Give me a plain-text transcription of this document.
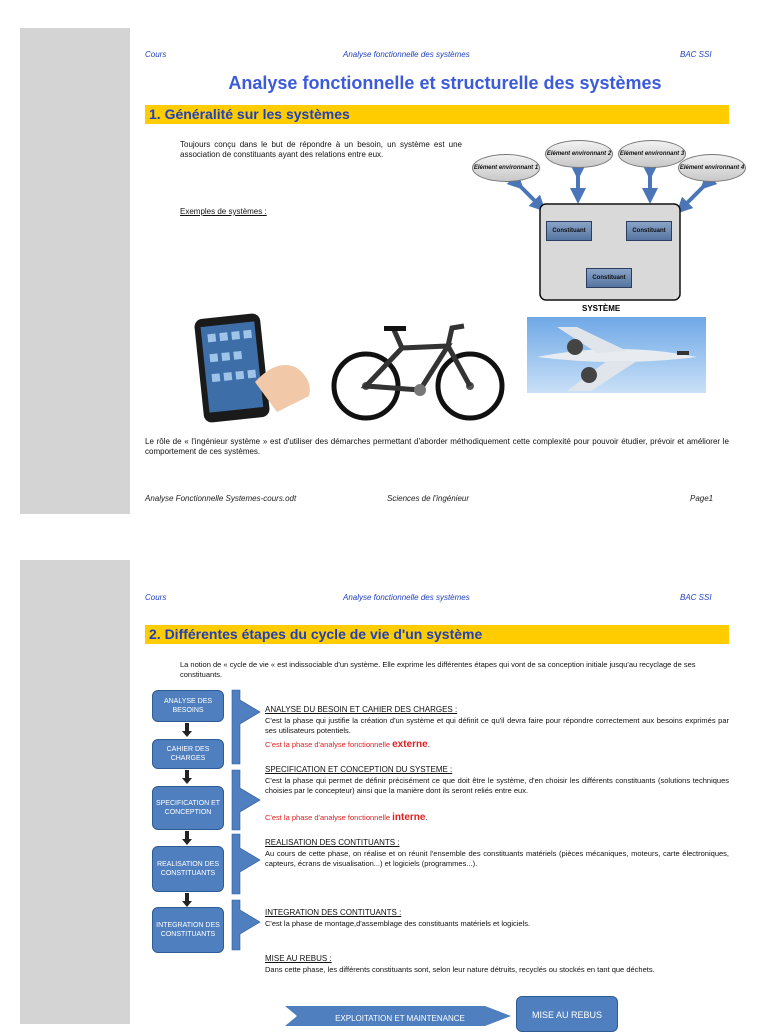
Cours	Analyse fonctionnelle des systèmes	BAC SSI
Analyse fonctionnelle et structurelle des systèmes
1. Généralité sur les systèmes
Toujours conçu dans le but de répondre à un besoin, un système est une association de constituants ayant des relations entre eux.
Exemples de systèmes :
Elément environnant 1
Elément environnant 2	Elément environnant 3
Elément environnant 4
Constituant	Constituant
Constituant
SYSTÈME
Le rôle de « l'ingénieur système » est d'utiliser des démarches permettant d'aborder méthodiquement cette complexité pour pouvoir étudier, prévoir et améliorer le comportement de ces systèmes.
Analyse Fonctionnelle Systemes-cours.odt	Sciences de l'ingénieur	Page1
Cours	Analyse fonctionnelle des systèmes	BAC SSI
2. Différentes étapes du cycle de vie d'un système
La notion de « cycle de vie « est indissociable d'un système. Elle exprime les différentes étapes qui vont de sa conception initiale jusqu'au recyclage de ses constituants.
ANALYSE DES BESOINS
CAHIER DES CHARGES
SPECIFICATION ET CONCEPTION
REALISATION DES CONSTITUANTS
INTEGRATION DES CONSTITUANTS
ANALYSE DU BESOIN ET CAHIER DES CHARGES :
C'est la phase qui justifie la création d'un système et qui définit ce qu'il devra faire pour répondre correctement aux besoins exprimés par ses utilisateurs potentiels.
C'est la phase d'analyse fonctionnelle externe.
SPECIFICATION ET CONCEPTION DU SYSTEME :
C'est la phase qui permet de définir précisément ce que doit être le système, d'en choisir les différents constituants (solutions techniques choisies par le concepteur) ainsi que la manière dont ils seront reliés entre eux.
C'est la phase d'analyse fonctionnelle interne.
REALISATION DES CONTITUANTS :
Au cours de cette phase, on réalise et on réunit l'ensemble des constituants matériels (pièces mécaniques, moteurs, carte électroniques, capteurs, écrans de visualisation...) et logiciels (programmes...).
INTEGRATION DES CONTITUANTS :
C'est la phase de montage,d'assemblage des constituants matériels et logiciels.
MISE AU REBUS :
Dans cette phase, les différents constituants sont, selon leur nature détruits, recyclés ou stockés en tant que déchets.
EXPLOITATION ET MAINTENANCE	MISE AU REBUS
